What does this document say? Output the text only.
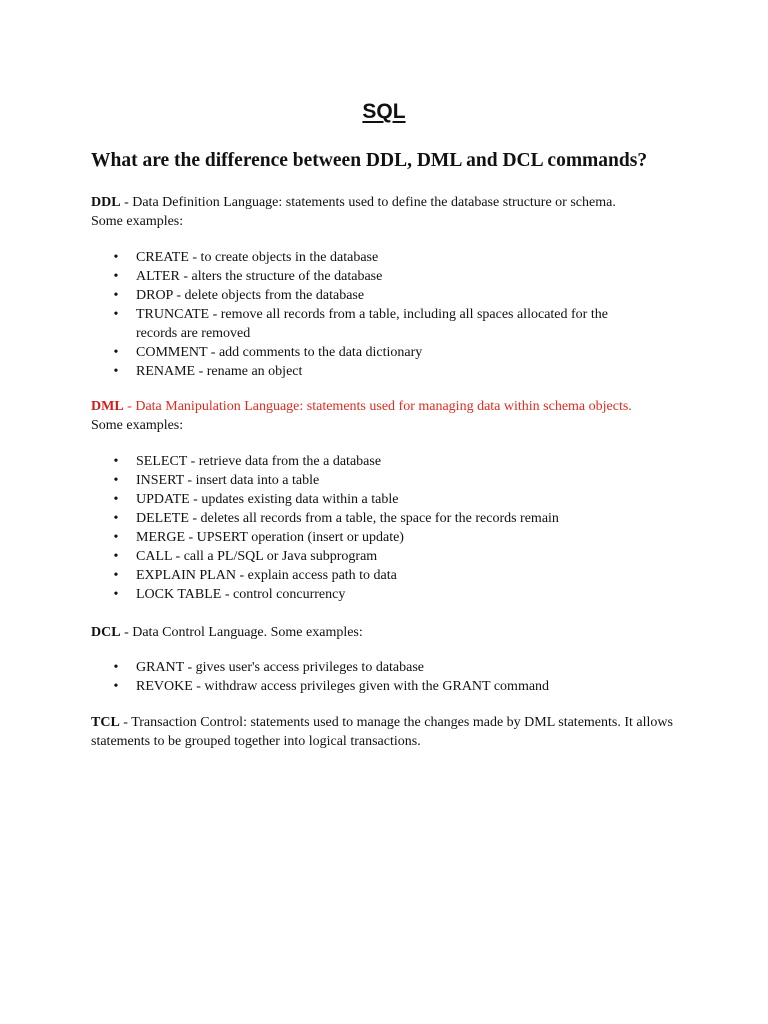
SQL
What are the difference between DDL, DML and DCL commands?

DDL - Data Definition Language: statements used to define the database structure or schema.
Some examples:

•	CREATE - to create objects in the database
•	ALTER - alters the structure of the database
•	DROP - delete objects from the database
•	TRUNCATE - remove all records from a table, including all spaces allocated for the records are removed
•	COMMENT - add comments to the data dictionary
•	RENAME - rename an object

DML - Data Manipulation Language: statements used for managing data within schema objects.
Some examples:

•	SELECT - retrieve data from the a database
•	INSERT - insert data into a table
•	UPDATE - updates existing data within a table
•	DELETE - deletes all records from a table, the space for the records remain
•	MERGE - UPSERT operation (insert or update)
•	CALL - call a PL/SQL or Java subprogram
•	EXPLAIN PLAN - explain access path to data
•	LOCK TABLE - control concurrency

DCL - Data Control Language. Some examples:

•	GRANT - gives user's access privileges to database
•	REVOKE - withdraw access privileges given with the GRANT command

TCL - Transaction Control: statements used to manage the changes made by DML statements. It allows statements to be grouped together into logical transactions.
